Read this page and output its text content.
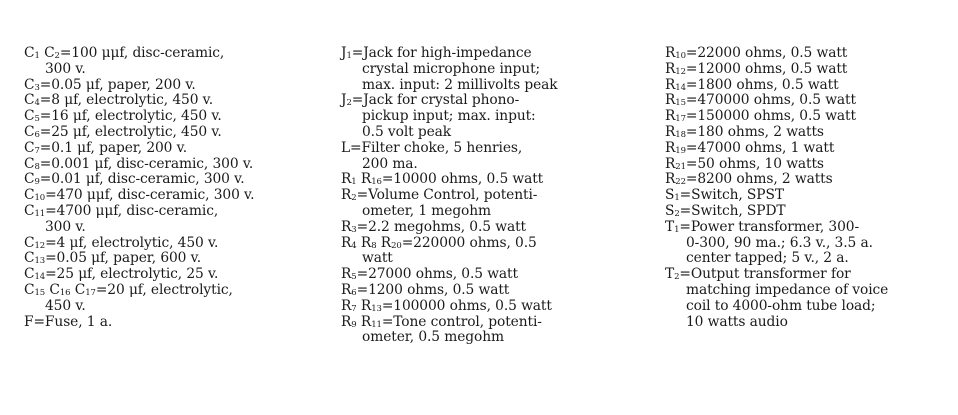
$C_1$ $C_2=100$ μμf, disc-ceramic,
300 v.
$C_3=0.05$ μf, paper, 200 v.
$C_4=8$ μf, electrolytic, 450 v.
$C_5=16$ μf, electrolytic, 450 v.
$C_6=25$ μf, electrolytic, 450 v.
$C_7=0.1$ μf, paper, 200 v.
$C_8=0.001$ μf, disc-ceramic, 300 v.
$C_9=0.01$ μf, disc-ceramic, 300 v.
$C_{10}=470$ μμf, disc-ceramic, 300 v.
$C_{11}=4700$ μμf, disc-ceramic,
300 v.
$C_{12}=4$ μf, electrolytic, 450 v.
$C_{13}=0.05$ μf, paper, 600 v.
$C_{14}=25$ μf, electrolytic, 25 v.
$C_{15}$ $C_{16}$ $C_{17}=20$ μf, electrolytic,
450 v.
F=Fuse, 1 a.
$J_1=Jack$ for high-impedance
crystal microphone input;
max. input: 2 millivolts peak
$J_2=Jack$ for crystal phono-
pickup input; max. input:
0.5 volt peak
L=Filter choke, 5 henries,
200 ma.
$R_1$ $R_{16}=10000$ ohms, 0.5 watt
$R_2=Volume$ Control, potenti-
ometer, 1 megohm
$R_3=2.2$ megohms, 0.5 watt
$R_4$ $R_8$ $R_{20}=220000$ ohms, 0.5
watt
$R_5=27000$ ohms, 0.5 watt
$R_6=1200$ ohms, 0.5 watt
$R_7$ $R_{13}=100000$ ohms, 0.5 watt
$R_9$ $R_{11}=Tone$ control, potenti-
ometer, 0.5 megohm
$R_{10}=22000$ ohms, 0.5 watt
$R_{12}=12000$ ohms, 0.5 watt
$R_{14}=1800$ ohms, 0.5 watt
$R_{15}=470000$ ohms, 0.5 watt
$R_{17}=150000$ ohms, 0.5 watt
$R_{18}=180$ ohms, 2 watts
$R_{19}=47000$ ohms, 1 watt
$R_{21}=50$ ohms, 10 watts
$R_{22}=8200$ ohms, 2 watts
$S_1=Switch$, SPST
$S_2=Switch$, SPDT
$T_1=Power$ transformer, 300-
0-300, 90 ma.; 6.3 v., 3.5 a.
center tapped; 5 v., 2 a.
$T_2=Output$ transformer for
matching impedance of voice
coil to 4000-ohm tube load;
10 watts audio
